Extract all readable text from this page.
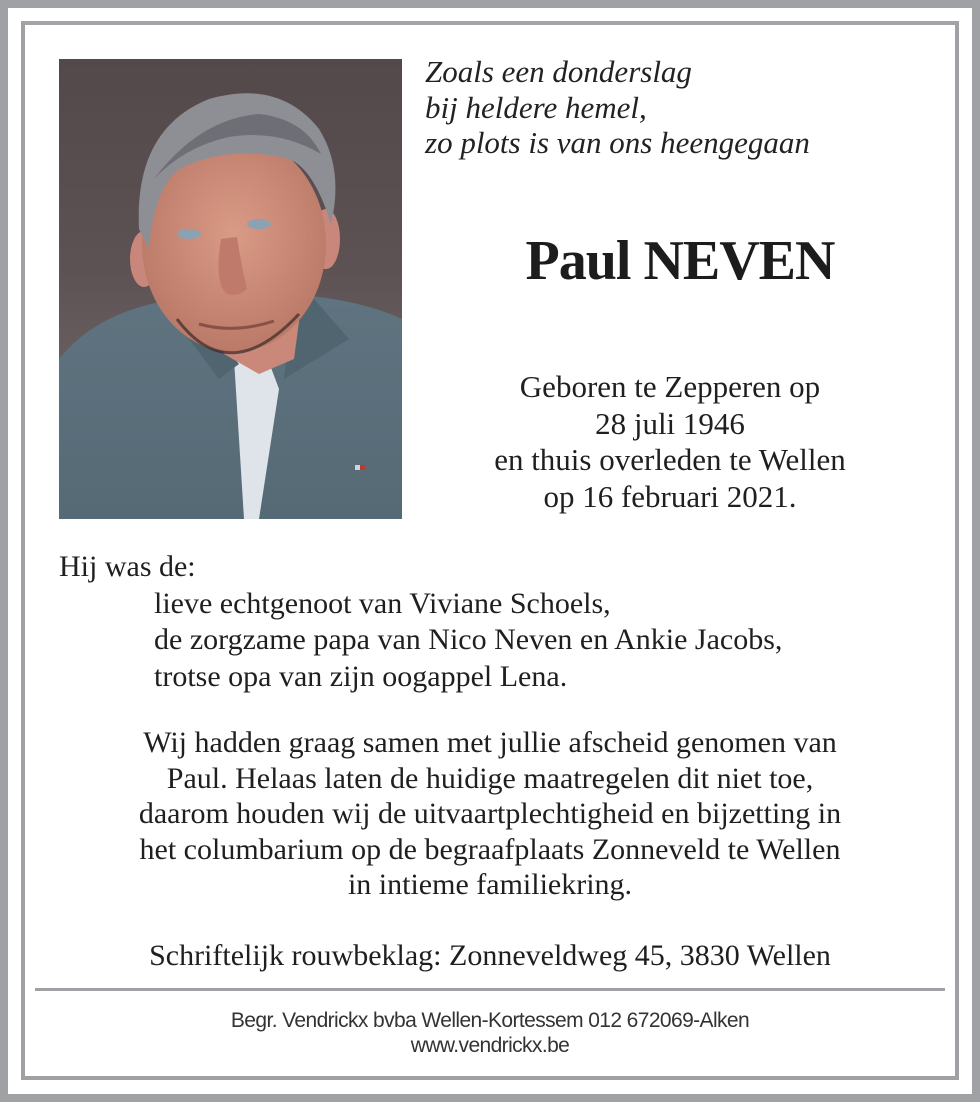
Zoals een donderslag
bij heldere hemel,
zo plots is van ons heengegaan
Paul NEVEN
Geboren te Zepperen op
28 juli 1946
en thuis overleden te Wellen
op 16 februari 2021.

Hij was de:

lieve echtgenoot van Viviane Schoels,

de zorgzame papa van Nico Neven en Ankie Jacobs,

trotse opa van zijn oogappel Lena.

Wij hadden graag samen met jullie afscheid genomen van
Paul. Helaas laten de huidige maatregelen dit niet toe,
daarom houden wij de uitvaartplechtigheid en bijzetting in
het columbarium op de begraafplaats Zonneveld te Wellen
in intieme familiekring.
Schriftelijk rouwbeklag: Zonneveldweg 45, 3830 Wellen
Begr. Vendrickx bvba Wellen-Kortessem 012 672069-Alken
www.vendrickx.be
